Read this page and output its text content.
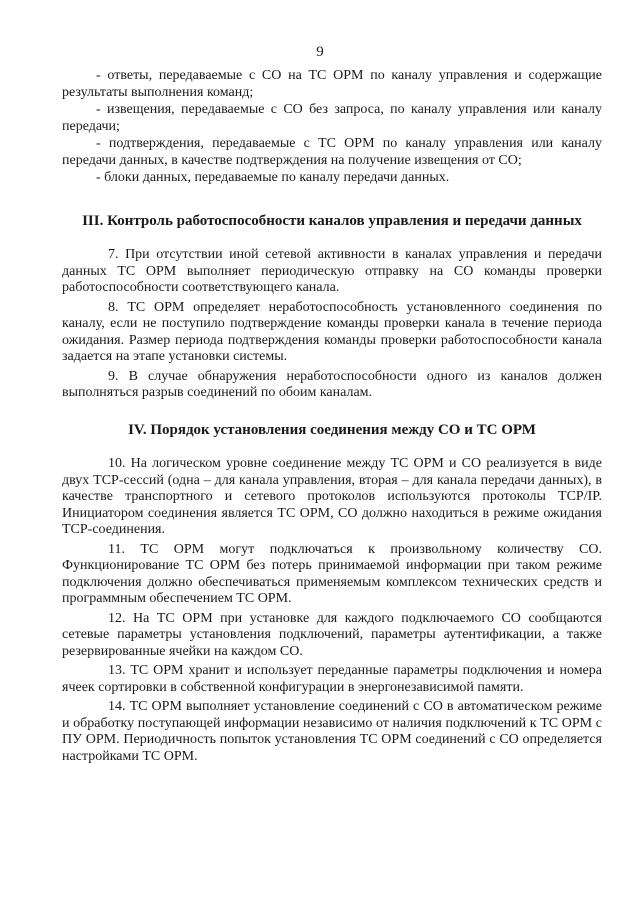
9

- ответы, передаваемые с СО на ТС ОРМ по каналу управления и содержащие результаты выполнения команд;

- извещения, передаваемые с СО без запроса, по каналу управления или каналу передачи;

- подтверждения, передаваемые с ТС ОРМ по каналу управления или каналу передачи данных, в качестве подтверждения на получение извещения от СО;

- блоки данных, передаваемые по каналу передачи данных.

III. Контроль работоспособности каналов управления и передачи данных

7. При отсутствии иной сетевой активности в каналах управления и передачи данных ТС ОРМ выполняет периодическую отправку на СО команды проверки работоспособности соответствующего канала.

8. ТС ОРМ определяет неработоспособность установленного соединения по каналу, если не поступило подтверждение команды проверки канала в течение периода ожидания. Размер периода подтверждения команды проверки работоспособности канала задается на этапе установки системы.

9. В случае обнаружения неработоспособности одного из каналов должен выполняться разрыв соединений по обоим каналам.

IV. Порядок установления соединения между СО и ТС ОРМ

10. На логическом уровне соединение между ТС ОРМ и СО реализуется в виде двух TCP-сессий (одна – для канала управления, вторая – для канала передачи данных), в качестве транспортного и сетевого протоколов используются протоколы TCP/IP. Инициатором соединения является ТС ОРМ, СО должно находиться в режиме ожидания TCP-соединения.

11. ТС ОРМ могут подключаться к произвольному количеству СО. Функционирование ТС ОРМ без потерь принимаемой информации при таком режиме подключения должно обеспечиваться применяемым комплексом технических средств и программным обеспечением ТС ОРМ.

12. На ТС ОРМ при установке для каждого подключаемого СО сообщаются сетевые параметры установления подключений, параметры аутентификации, а также резервированные ячейки на каждом СО.

13. ТС ОРМ хранит и использует переданные параметры подключения и номера ячеек сортировки в собственной конфигурации в энергонезависимой памяти.

14. ТС ОРМ выполняет установление соединений с СО в автоматическом режиме и обработку поступающей информации независимо от наличия подключений к ТС ОРМ с ПУ ОРМ. Периодичность попыток установления ТС ОРМ соединений с СО определяется настройками ТС ОРМ.
